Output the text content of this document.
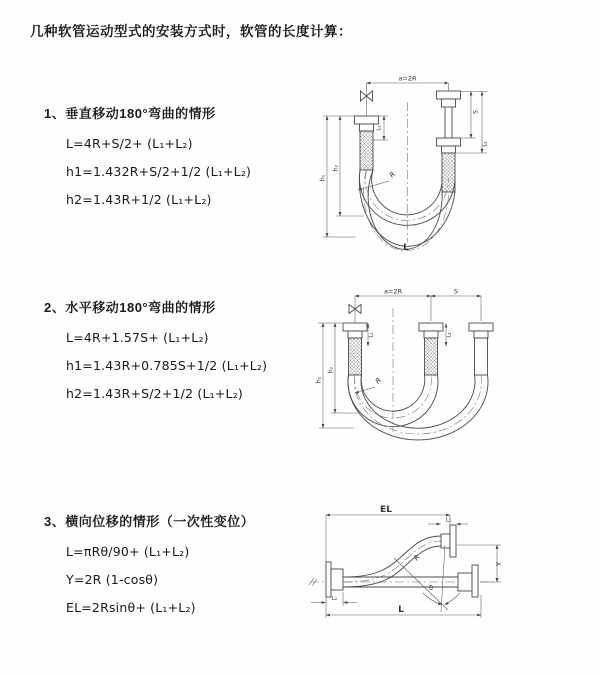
几种软管运动型式的安装方式时，软管的长度计算：
1、垂直移动180°弯曲的情形
L=4R+S/2+ (L₁+L₂)
h1=1.432R+S/2+1/2 (L₁+L₂)
h2=1.43R+1/2 (L₁+L₂)
2、水平移动180°弯曲的情形
L=4R+1.57S+ (L₁+L₂)
h1=1.43R+0.785S+1/2 (L₁+L₂)
h2=1.43R+S/2+1/2 (L₁+L₂)
3、横向位移的情形（一次性变位）
L=πRθ/90+ (L₁+L₂)
Y=2R (1-cosθ)
EL=2Rsinθ+ (L₁+L₂)
a=2R
h₂
h₁
L₁
S
L₂
R
L
a=2R	S
L₁	L₂
h₂
h₁	R
EL
L₁
Y
θ
R
L
L₂
